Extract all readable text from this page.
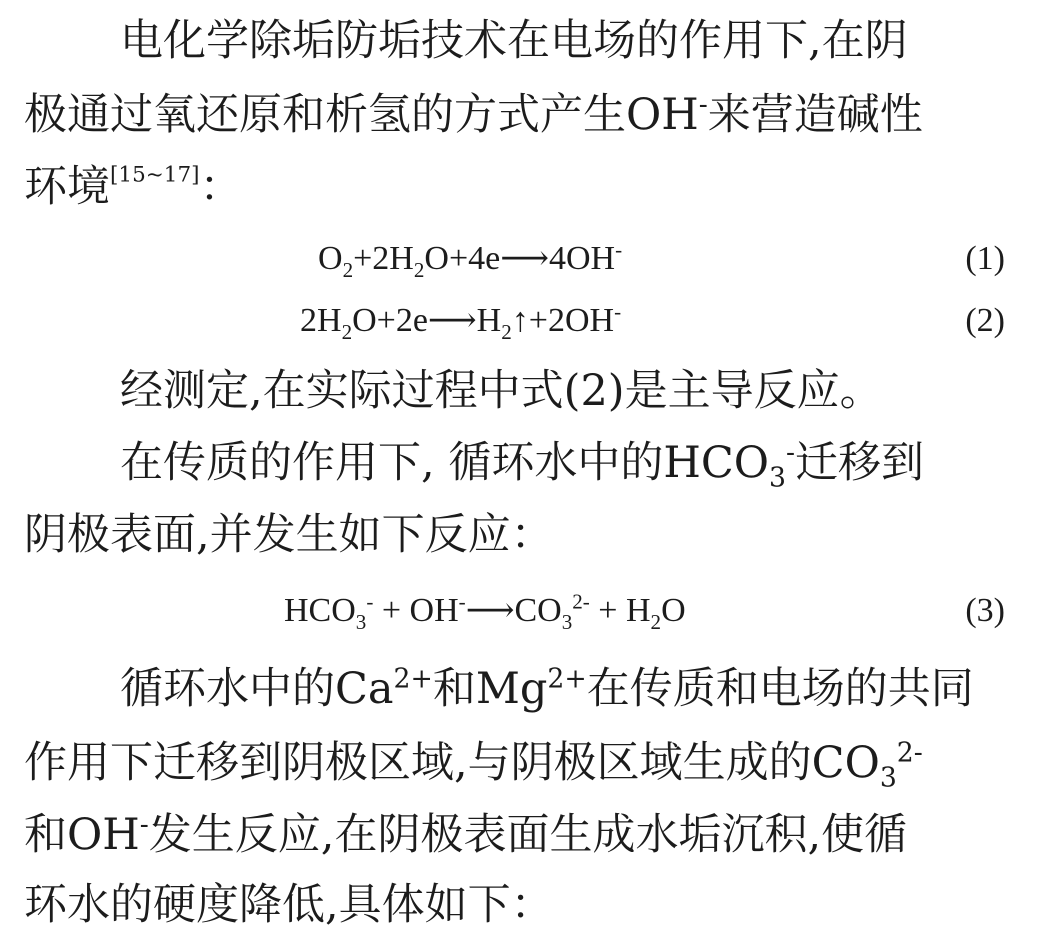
电化学除垢防垢技术在电场的作用下,在阴
极通过氧还原和析氢的方式产生OH-来营造碱性
环境[15~17]：
$O_2+2H_2O+4e⟶4OH^-$	(1)
$2H_2O+2e⟶H_2↑+2OH^-$	(2)
经测定,在实际过程中式(2)是主导反应。
在传质的作用下, 循环水中的$HCO_3^-$迁移到
阴极表面,并发生如下反应：
$HCO_3^-$ + $OH^-⟶CO_3^{2-} + H_2O$	(3)
循环水中的$Ca^{2+}$和$Mg^{2+}$在传质和电场的共同
作用下迁移到阴极区域,与阴极区域生成的$CO_3^{2-}$
和OH-发生反应,在阴极表面生成水垢沉积,使循
环水的硬度降低,具体如下：
